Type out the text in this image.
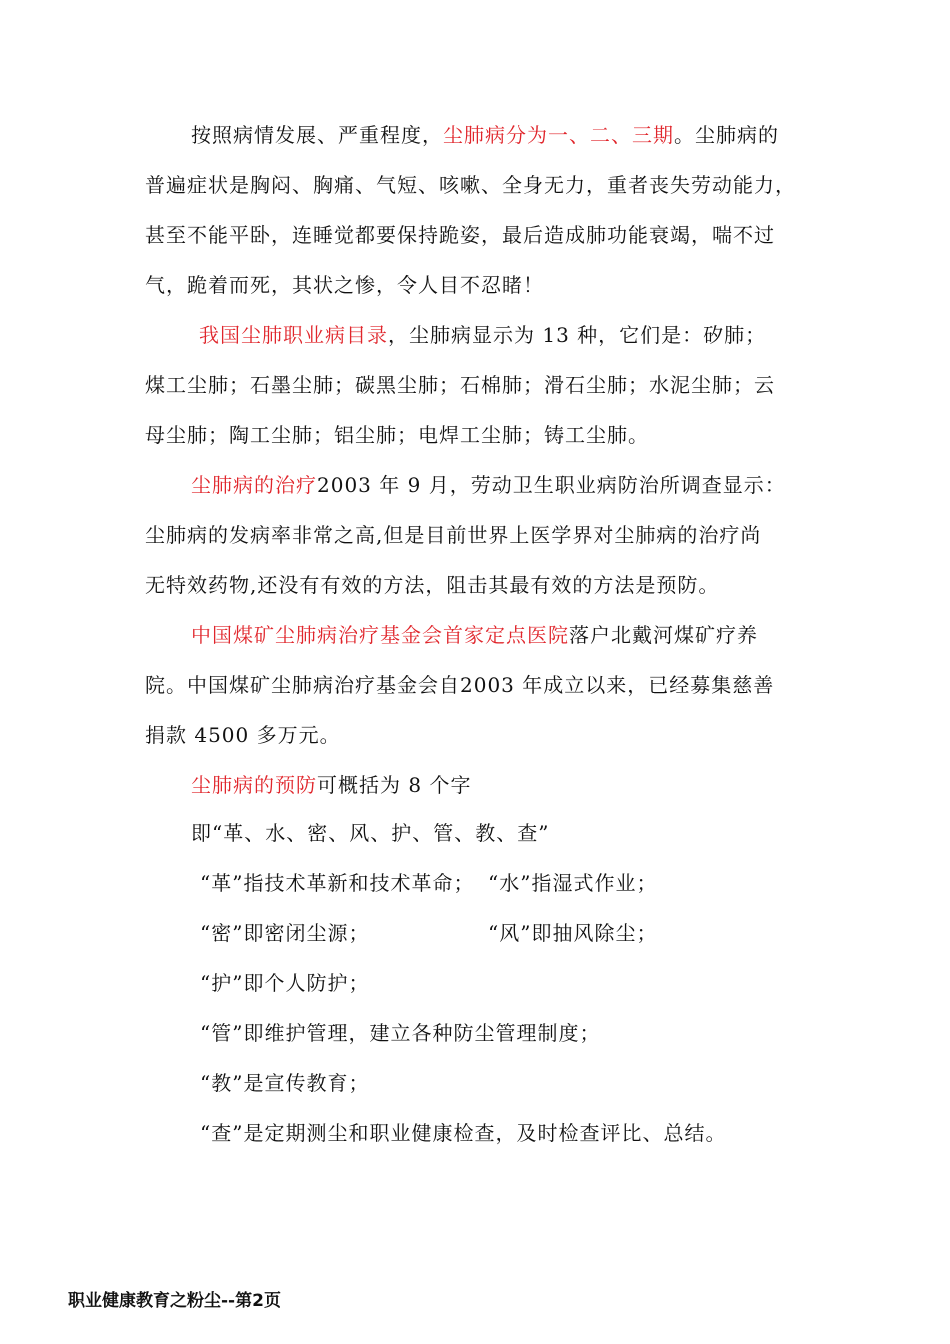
按照病情发展、严重程度，尘肺病分为一、二、三期。尘肺病的
普遍症状是胸闷、胸痛、气短、咳嗽、全身无力，重者丧失劳动能力，
甚至不能平卧，连睡觉都要保持跪姿，最后造成肺功能衰竭，喘不过
气，跪着而死，其状之惨，令人目不忍睹！
我国尘肺职业病目录，尘肺病显示为 13 种，它们是：矽肺；
煤工尘肺；石墨尘肺；碳黑尘肺；石棉肺；滑石尘肺；水泥尘肺；云
母尘肺；陶工尘肺；铝尘肺；电焊工尘肺；铸工尘肺。
尘肺病的治疗2003 年 9 月，劳动卫生职业病防治所调查显示：
尘肺病的发病率非常之高,但是目前世界上医学界对尘肺病的治疗尚
无特效药物,还没有有效的方法，阻击其最有效的方法是预防。
中国煤矿尘肺病治疗基金会首家定点医院落户北戴河煤矿疗养
院。中国煤矿尘肺病治疗基金会自2003 年成立以来，已经募集慈善
捐款 4500 多万元。
尘肺病的预防可概括为 8 个字

即“革、水、密、风、护、管、教、查”

“革”指技术革新和技术革命； “水”指湿式作业；

“密”即密闭尘源；	“风”即抽风除尘；

“护”即个人防护；

“管”即维护管理，建立各种防尘管理制度；

“教”是宣传教育；

“查”是定期测尘和职业健康检查，及时检查评比、总结。

职业健康教育之粉尘--第2页
